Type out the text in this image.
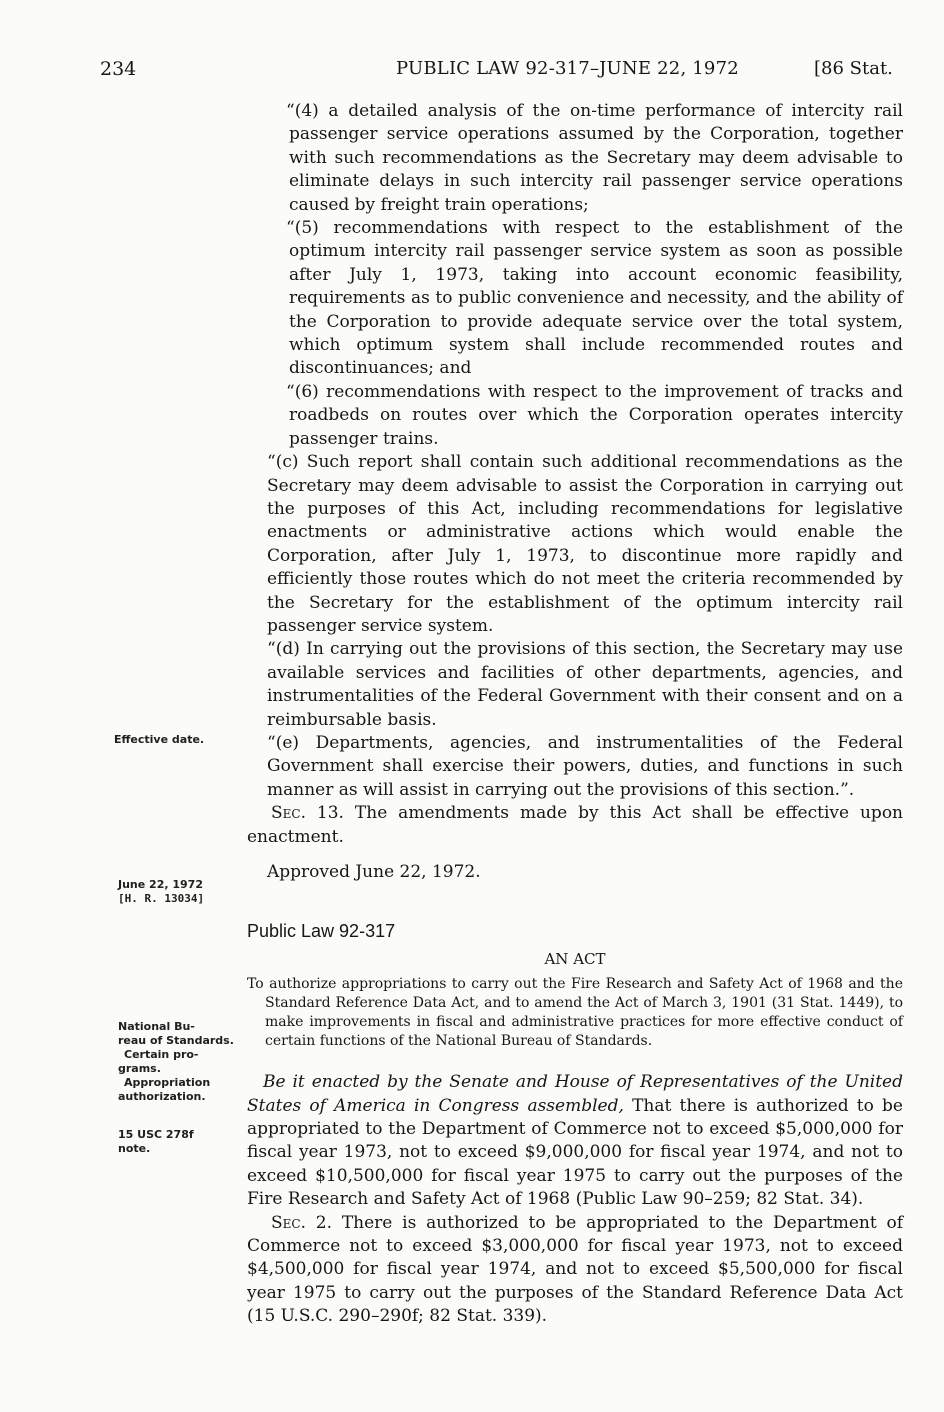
234	PUBLIC LAW 92-317–JUNE 22, 1972	[86 Stat.

“(4) a detailed analysis of the on-time performance of intercity rail passenger service operations assumed by the Corporation, together with such recommendations as the Secretary may deem advisable to eliminate delays in such intercity rail passenger service operations caused by freight train operations;

“(5) recommendations with respect to the establishment of the optimum intercity rail passenger service system as soon as possible after July 1, 1973, taking into account economic feasibility, requirements as to public convenience and necessity, and the ability of the Corporation to provide adequate service over the total system, which optimum system shall include recommended routes and discontinuances; and

“(6) recommendations with respect to the improvement of tracks and roadbeds on routes over which the Corporation operates intercity passenger trains.

“(c) Such report shall contain such additional recommendations as the Secretary may deem advisable to assist the Corporation in carrying out the purposes of this Act, including recommendations for legislative enactments or administrative actions which would enable the Corporation, after July 1, 1973, to discontinue more rapidly and efficiently those routes which do not meet the criteria recommended by the Secretary for the establishment of the optimum intercity rail passenger service system.

“(d) In carrying out the provisions of this section, the Secretary may use available services and facilities of other departments, agencies, and instrumentalities of the Federal Government with their consent and on a reimbursable basis.

“(e) Departments, agencies, and instrumentalities of the Federal Government shall exercise their powers, duties, and functions in such manner as will assist in carrying out the provisions of this section.”.

Sec. 13. The amendments made by this Act shall be effective upon enactment.

Approved June 22, 1972.

Public Law 92-317

AN ACT

To authorize appropriations to carry out the Fire Research and Safety Act of 1968 and the Standard Reference Data Act, and to amend the Act of March 3, 1901 (31 Stat. 1449), to make improvements in fiscal and administrative practices for more effective conduct of certain functions of the National Bureau of Standards.

Be it enacted by the Senate and House of Representatives of the United States of America in Congress assembled, That there is authorized to be appropriated to the Department of Commerce not to exceed $5,000,000 for fiscal year 1973, not to exceed $9,000,000 for fiscal year 1974, and not to exceed $10,500,000 for fiscal year 1975 to carry out the purposes of the Fire Research and Safety Act of 1968 (Public Law 90–259; 82 Stat. 34).

Sec. 2. There is authorized to be appropriated to the Department of Commerce not to exceed $3,000,000 for fiscal year 1973, not to exceed $4,500,000 for fiscal year 1974, and not to exceed $5,500,000 for fiscal year 1975 to carry out the purposes of the Standard Reference Data Act (15 U.S.C. 290–290f; 82 Stat. 339).

Effective date.
June 22, 1972
[H. R. 13034]
National Bu-
reau of Standards.
Certain pro-
grams.
Appropriation
authorization.
15 USC 278f
note.
